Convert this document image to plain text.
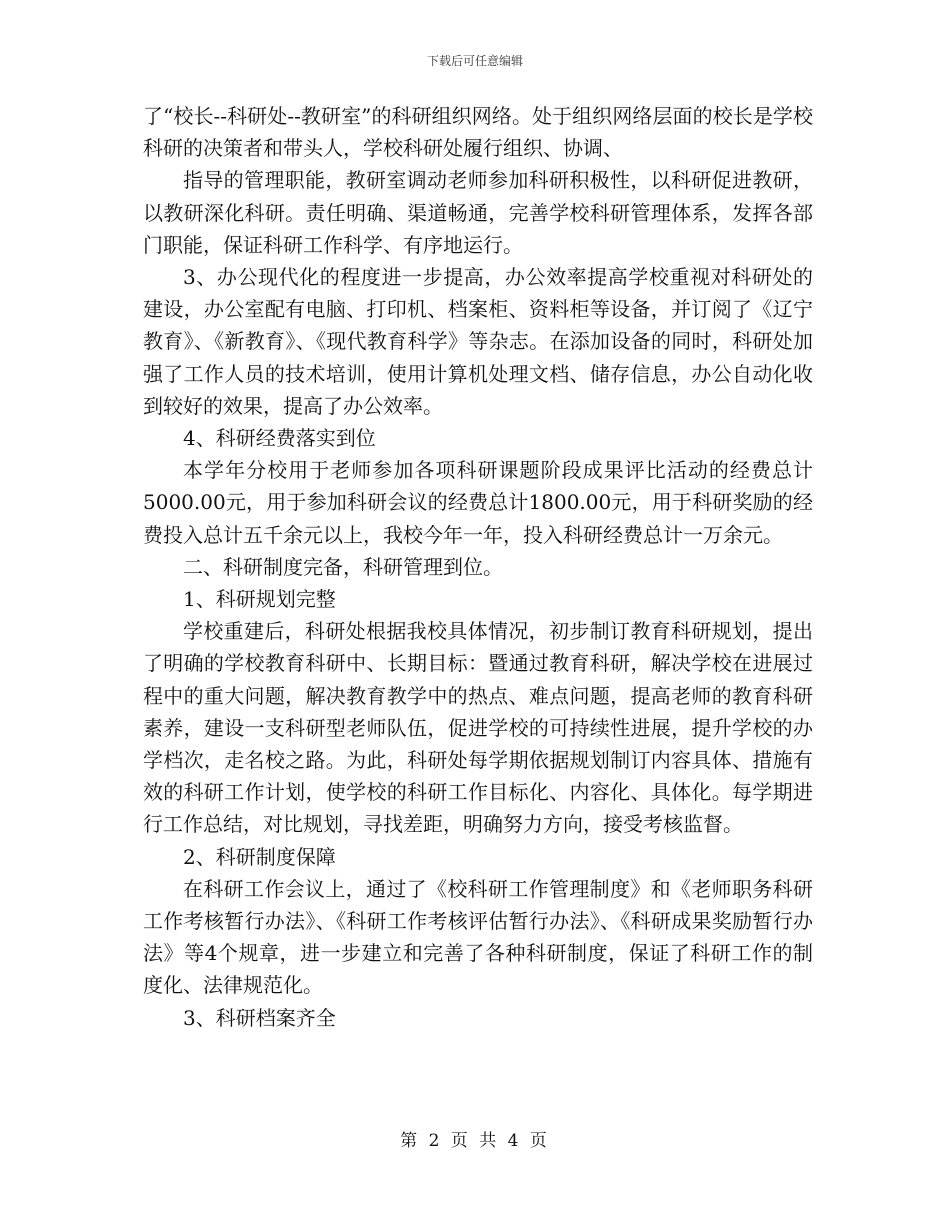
下载后可任意编辑

了“校长--科研处--教研室”的科研组织网络。处于组织网络层面的校长是学校科研的决策者和带头人，学校科研处履行组织、协调、

指导的管理职能，教研室调动老师参加科研积极性，以科研促进教研，以教研深化科研。责任明确、渠道畅通，完善学校科研管理体系，发挥各部门职能，保证科研工作科学、有序地运行。

3、办公现代化的程度进一步提高，办公效率提高学校重视对科研处的建设，办公室配有电脑、打印机、档案柜、资料柜等设备，并订阅了《辽宁教育》、《新教育》、《现代教育科学》等杂志。在添加设备的同时，科研处加强了工作人员的技术培训，使用计算机处理文档、储存信息，办公自动化收到较好的效果，提高了办公效率。

4、科研经费落实到位

本学年分校用于老师参加各项科研课题阶段成果评比活动的经费总计5000.00元，用于参加科研会议的经费总计1800.00元，用于科研奖励的经费投入总计五千余元以上，我校今年一年，投入科研经费总计一万余元。

二、科研制度完备，科研管理到位。

1、科研规划完整

学校重建后，科研处根据我校具体情况，初步制订教育科研规划，提出了明确的学校教育科研中、长期目标：暨通过教育科研，解决学校在进展过程中的重大问题，解决教育教学中的热点、难点问题，提高老师的教育科研素养，建设一支科研型老师队伍，促进学校的可持续性进展，提升学校的办学档次，走名校之路。为此，科研处每学期依据规划制订内容具体、措施有效的科研工作计划，使学校的科研工作目标化、内容化、具体化。每学期进行工作总结，对比规划，寻找差距，明确努力方向，接受考核监督。

2、科研制度保障

在科研工作会议上，通过了《校科研工作管理制度》和《老师职务科研工作考核暂行办法》、《科研工作考核评估暂行办法》、《科研成果奖励暂行办法》等4个规章，进一步建立和完善了各种科研制度，保证了科研工作的制度化、法律规范化。

3、科研档案齐全

第 2 页 共 4 页
